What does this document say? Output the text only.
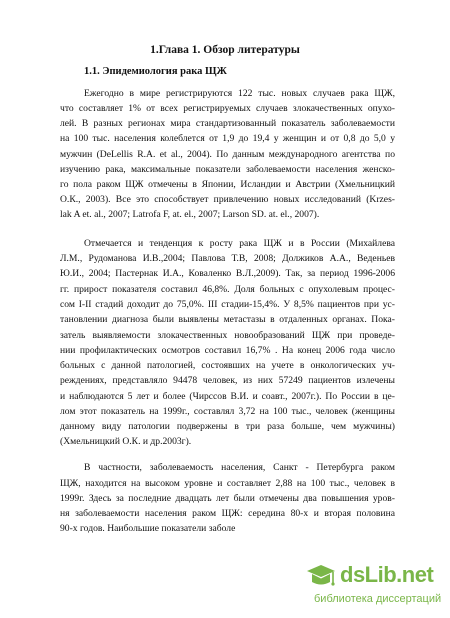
1.Глава 1. Обзор литературы
1.1. Эпидемиология рака ЩЖ
Ежегодно в мире регистрируются 122 тыс. новых случаев рака ЩЖ,
что составляет 1% от всех регистрируемых случаев злокачественных опухо-
лей. В разных регионах мира стандартизованный показатель заболеваемости
на 100 тыс. населения колеблется от 1,9 до 19,4 у женщин и от 0,8 до 5,0 у
мужчин (DeLellis R.A. et al., 2004). По данным международного агентства по
изучению рака, максимальные показатели заболеваемости населения женско-
го пола раком ЩЖ отмечены в Японии, Исландии и Австрии (Хмельницкий
О.К., 2003). Все это способствует привлечению новых исследований (Krzes-
lak A et. al., 2007; Latrofa F, at. el., 2007; Larson SD. at. el., 2007).
Отмечается и тенденция к росту рака ЩЖ и в России (Михайлева
Л.М., Рудоманова И.В.,2004; Павлова Т.В, 2008; Должиков А.А., Веденьев
Ю.И., 2004; Пастернак И.А., Коваленко В.Л.,2009). Так, за период 1996-2006
гг. прирост показателя составил 46,8%. Доля больных с опухолевым процес-
сом I-II стадий доходит до 75,0%. III стадии-15,4%. У 8,5% пациентов при ус-
тановлении диагноза были выявлены метастазы в отдаленных органах. Пока-
затель выявляемости злокачественных новообразований ЩЖ при проведе-
нии профилактических осмотров составил 16,7% . На конец 2006 года число
больных с данной патологией, состоявших на учете в онкологических уч-
реждениях, представляло 94478 человек, из них 57249 пациентов излечены
и наблюдаются 5 лет и более (Чирссов В.И. и соавт., 2007г.). По России в це-
лом этот показатель на 1999г., составлял 3,72 на 100 тыс., человек (женщины
данному виду патологии подвержены в три раза больше, чем мужчины)
(Хмельницкий О.К. и др.2003г).
В частности, заболеваемость населения, Санкт - Петербурга раком
ЩЖ, находится на высоком уровне и составляет 2,88 на 100 тыс., человек в
1999г. Здесь за последние двадцать лет были отмечены два повышения уров-
ня заболеваемости населения раком ЩЖ: середина 80-х и вторая половина
90-х годов. Наибольшие показатели заболе
dsLib.net
библиотека диссертаций
